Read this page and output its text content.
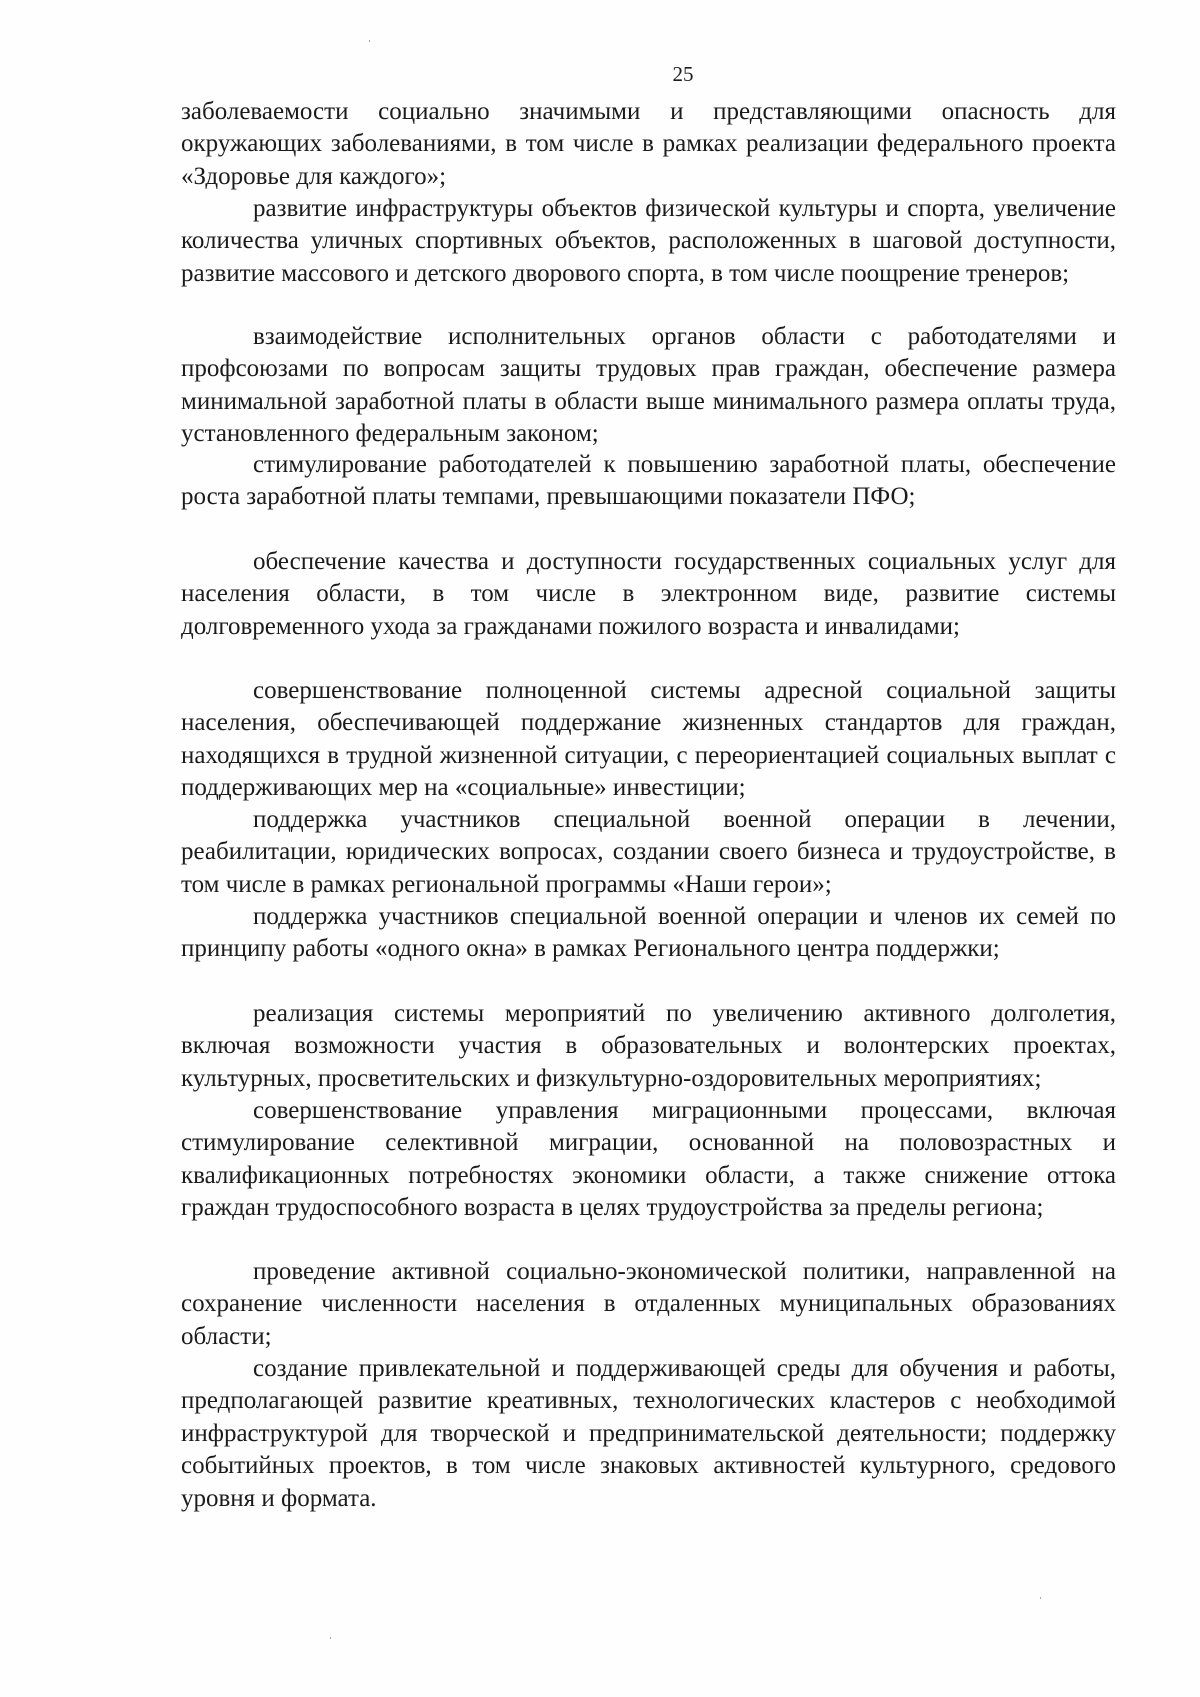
25

заболеваемости социально значимыми и представляющими опасность для окружающих заболеваниями, в том числе в рамках реализации федерального проекта «Здоровье для каждого»;

развитие инфраструктуры объектов физической культуры и спорта, увеличение количества уличных спортивных объектов, расположенных в шаговой доступности, развитие массового и детского дворового спорта, в том числе поощрение тренеров;

взаимодействие исполнительных органов области с работодателями и профсоюзами по вопросам защиты трудовых прав граждан, обеспечение размера минимальной заработной платы в области выше минимального размера оплаты труда, установленного федеральным законом;

стимулирование работодателей к повышению заработной платы, обеспечение роста заработной платы темпами, превышающими показатели ПФО;

обеспечение качества и доступности государственных социальных услуг для населения области, в том числе в электронном виде, развитие системы долговременного ухода за гражданами пожилого возраста и инвалидами;

совершенствование полноценной системы адресной социальной защиты населения, обеспечивающей поддержание жизненных стандартов для граждан, находящихся в трудной жизненной ситуации, с переориентацией социальных выплат с поддерживающих мер на «социальные» инвестиции;

поддержка участников специальной военной операции в лечении, реабилитации, юридических вопросах, создании своего бизнеса и трудоустройстве, в том числе в рамках региональной программы «Наши герои»;

поддержка участников специальной военной операции и членов их семей по принципу работы «одного окна» в рамках Регионального центра поддержки;

реализация системы мероприятий по увеличению активного долголетия, включая возможности участия в образовательных и волонтерских проектах, культурных, просветительских и физкультурно-оздоровительных мероприятиях;

совершенствование управления миграционными процессами, включая стимулирование селективной миграции, основанной на половозрастных и квалификационных потребностях экономики области, а также снижение оттока граждан трудоспособного возраста в целях трудоустройства за пределы региона;

проведение активной социально-экономической политики, направленной на сохранение численности населения в отдаленных муниципальных образованиях области;

создание привлекательной и поддерживающей среды для обучения и работы, предполагающей развитие креативных, технологических кластеров с необходимой инфраструктурой для творческой и предпринимательской деятельности; поддержку событийных проектов, в том числе знаковых активностей культурного, средового уровня и формата.
